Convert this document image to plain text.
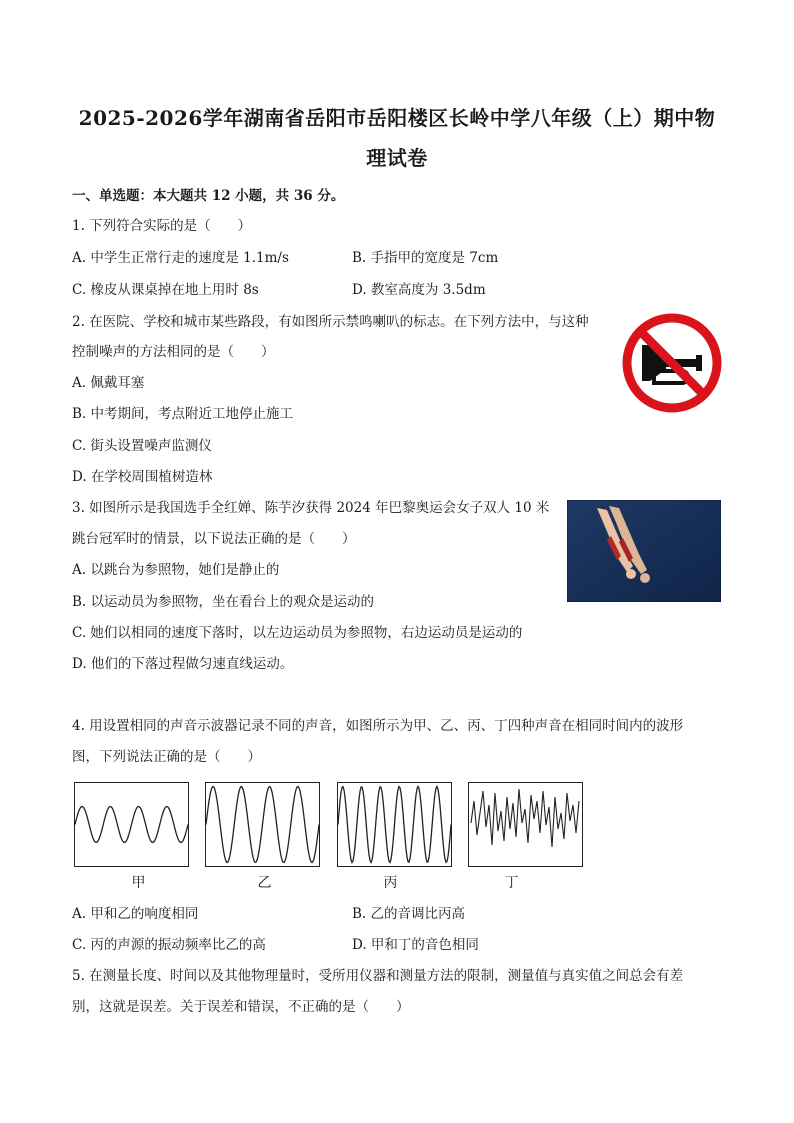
2025-2026学年湖南省岳阳市岳阳楼区长岭中学八年级（上）期中物
理试卷
一、单选题：本大题共 12 小题，共 36 分。
1. 下列符合实际的是（　　）
A. 中学生正常行走的速度是 1.1m/s	B. 手指甲的宽度是 7cm
C. 橡皮从课桌掉在地上用时 8s	D. 教室高度为 3.5dm
2. 在医院、学校和城市某些路段，有如图所示禁鸣喇叭的标志。在下列方法中，与这种
控制噪声的方法相同的是（　　）
A. 佩戴耳塞
B. 中考期间，考点附近工地停止施工
C. 街头设置噪声监测仪
D. 在学校周围植树造林
3. 如图所示是我国选手全红婵、陈芋汐获得 2024 年巴黎奥运会女子双人 10 米
跳台冠军时的情景，以下说法正确的是（　　）
A. 以跳台为参照物，她们是静止的
B. 以运动员为参照物，坐在看台上的观众是运动的
C. 她们以相同的速度下落时，以左边运动员为参照物，右边运动员是运动的
D. 他们的下落过程做匀速直线运动。
4. 用设置相同的声音示波器记录不同的声音，如图所示为甲、乙、丙、丁四种声音在相同时间内的波形
图，下列说法正确的是（　　）
甲	乙	丙	丁
A. 甲和乙的响度相同	B. 乙的音调比丙高
C. 丙的声源的振动频率比乙的高	D. 甲和丁的音色相同
5. 在测量长度、时间以及其他物理量时，受所用仪器和测量方法的限制，测量值与真实值之间总会有差
别，这就是误差。关于误差和错误，不正确的是（　　）
